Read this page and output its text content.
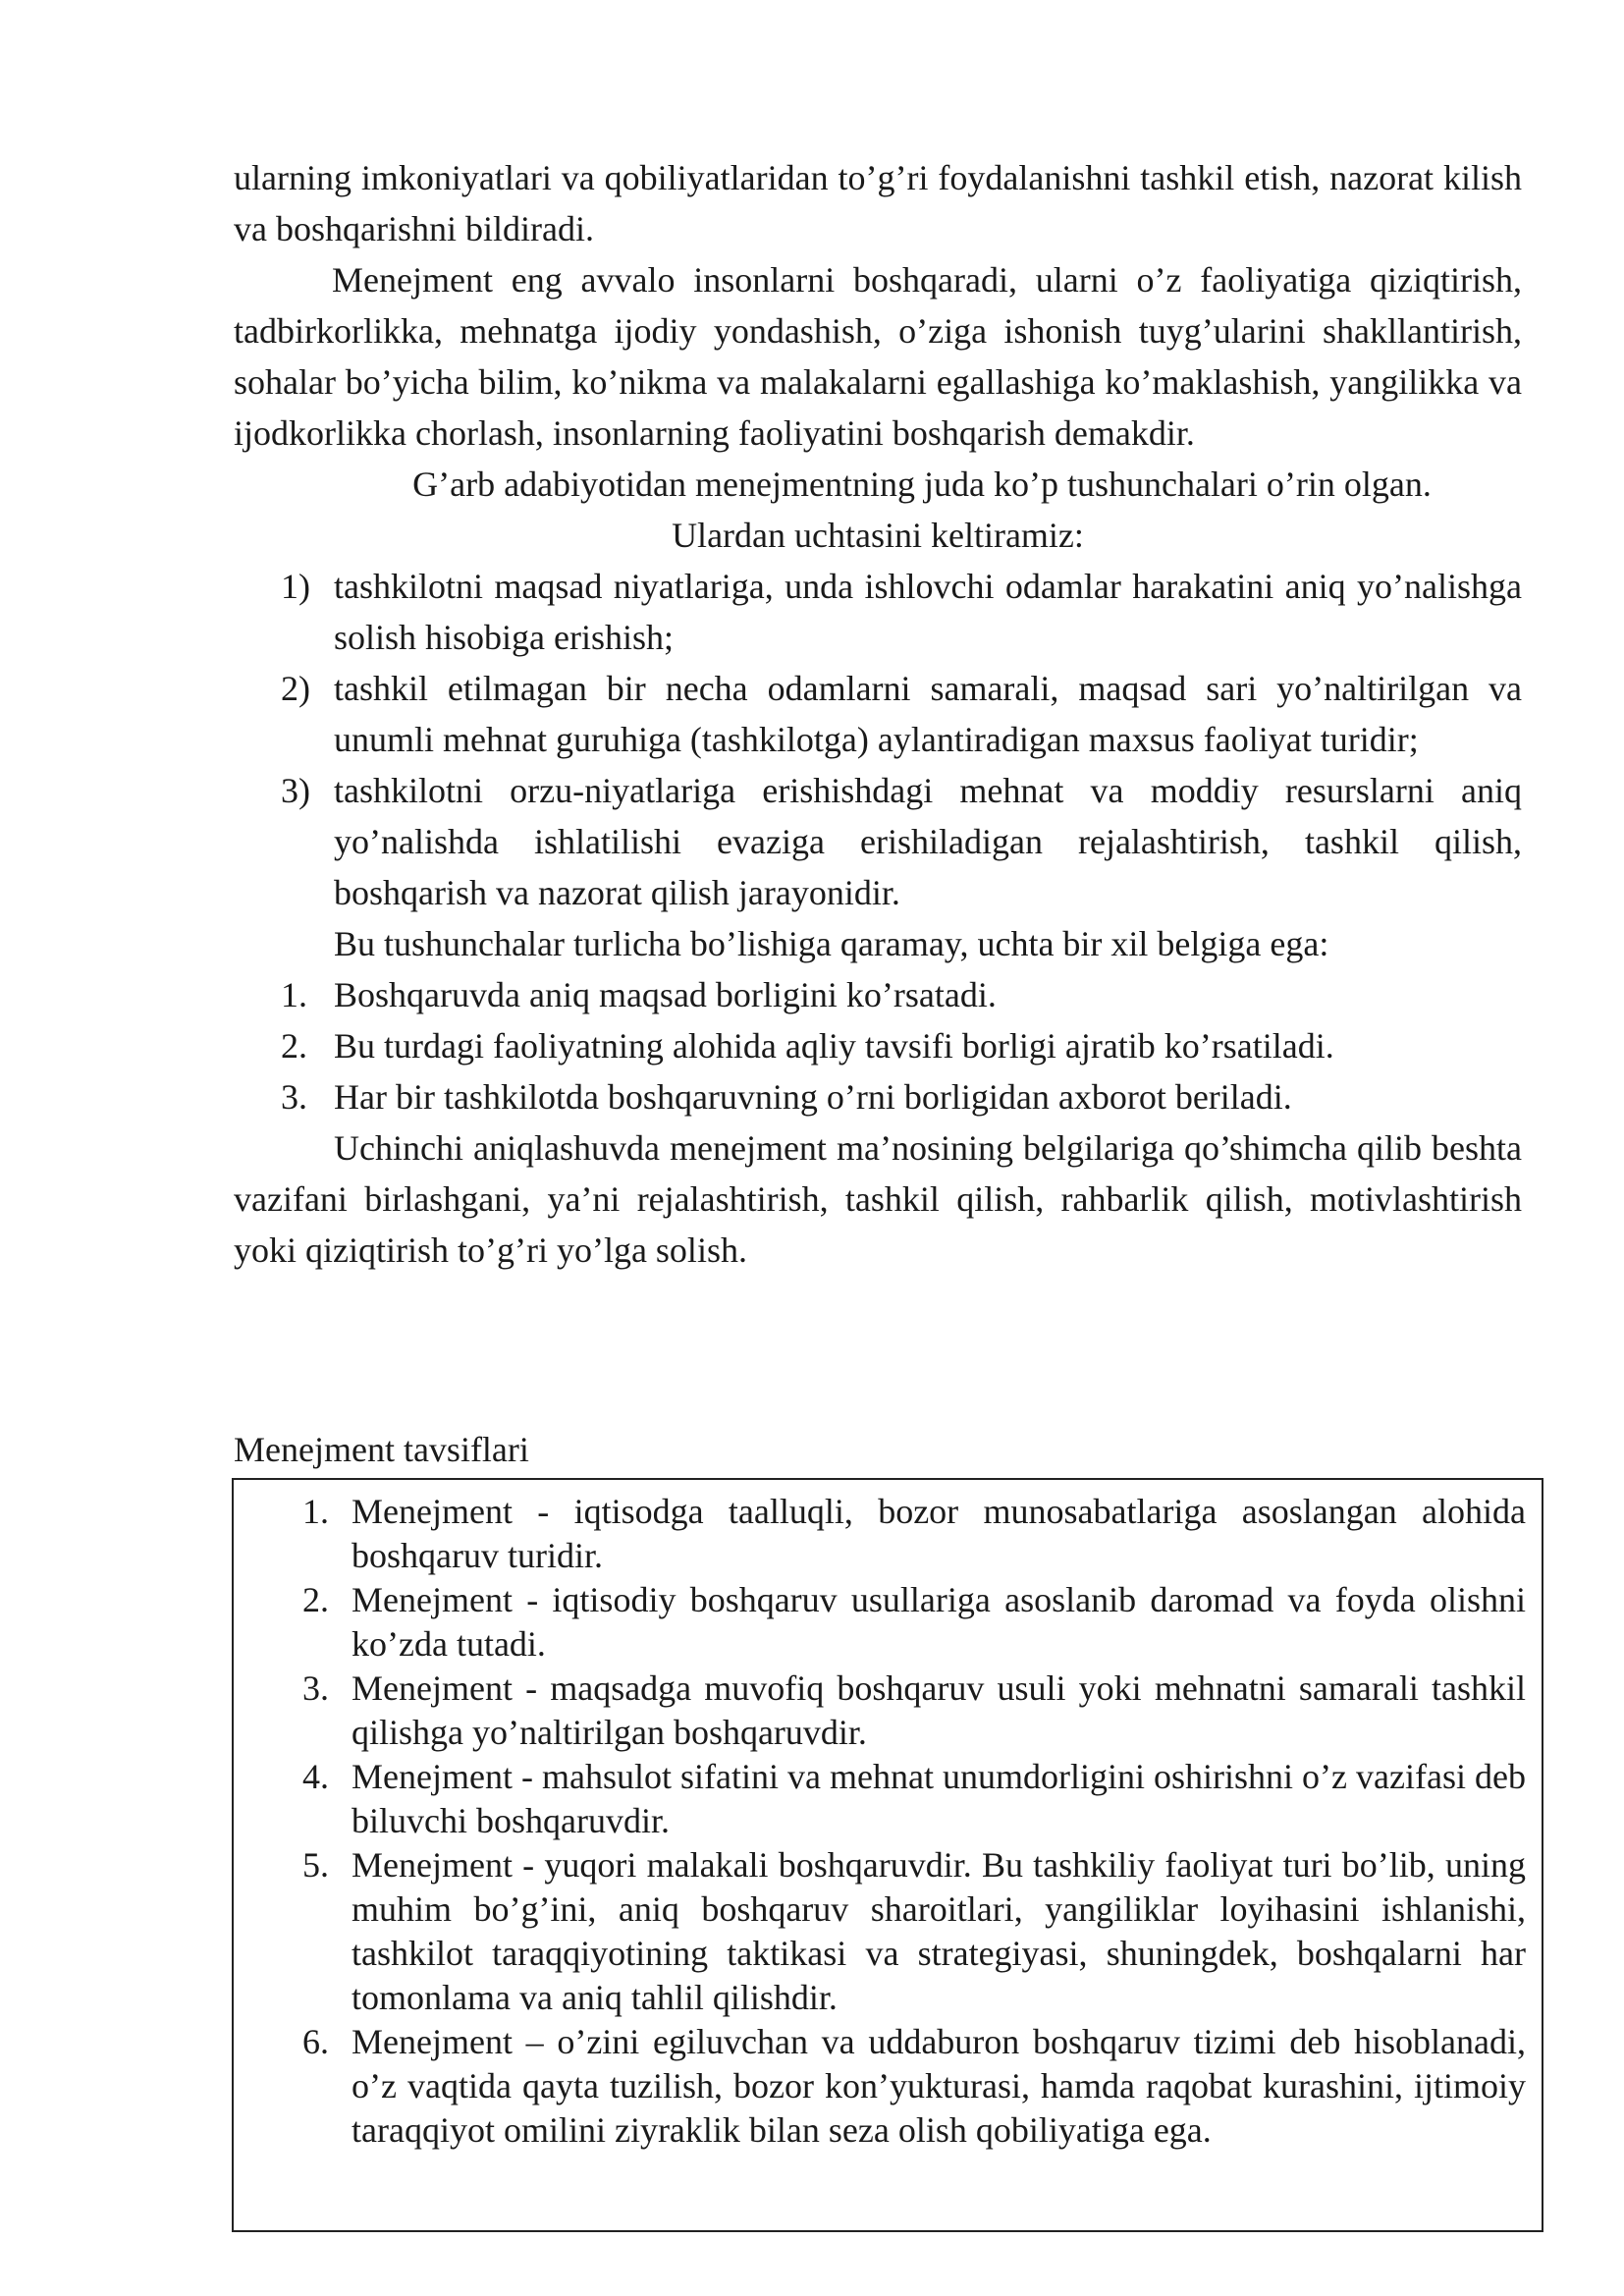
ularning imkoniyatlari va qobiliyatlaridan to’g’ri foydalanishni tashkil etish, nazorat kilish va boshqarishni bildiradi.

Menejment eng avvalo insonlarni boshqaradi, ularni o’z faoliyatiga qiziqtirish, tadbirkorlikka, mehnatga ijodiy yondashish, o’ziga ishonish tuyg’ularini shakllantirish, sohalar bo’yicha bilim, ko’nikma va malakalarni egallashiga ko’maklashish, yangilikka va ijodkorlikka chorlash, insonlarning faoliyatini boshqarish demakdir.

G’arb adabiyotidan menejmentning juda ko’p tushunchalari o’rin olgan.

Ulardan uchtasini keltiramiz:

1) tashkilotni maqsad niyatlariga, unda ishlovchi odamlar harakatini aniq yo’nalishga solish hisobiga erishish;
2) tashkil etilmagan bir necha odamlarni samarali, maqsad sari yo’naltirilgan va unumli mehnat guruhiga (tashkilotga) aylantiradigan maxsus faoliyat turidir;
3) tashkilotni orzu-niyatlariga erishishdagi mehnat va moddiy resurslarni aniq yo’nalishda ishlatilishi evaziga erishiladigan rejalashtirish, tashkil qilish, boshqarish va nazorat qilish jarayonidir.

Bu tushunchalar turlicha bo’lishiga qaramay, uchta bir xil belgiga ega:

1. Boshqaruvda aniq maqsad borligini ko’rsatadi.
2. Bu turdagi faoliyatning alohida aqliy tavsifi borligi ajratib ko’rsatiladi.
3. Har bir tashkilotda boshqaruvning o’rni borligidan axborot beriladi.

Uchinchi aniqlashuvda menejment ma’nosining belgilariga qo’shimcha qilib beshta vazifani birlashgani, ya’ni rejalashtirish, tashkil qilish, rahbarlik qilish, motivlashtirish yoki qiziqtirish to’g’ri yo’lga solish.

Menejment tavsiflari
1. Menejment - iqtisodga taalluqli, bozor munosabatlariga asoslangan alohida boshqaruv turidir.
2. Menejment - iqtisodiy boshqaruv usullariga asoslanib daromad va foyda olishni ko’zda tutadi.
3. Menejment - maqsadga muvofiq boshqaruv usuli yoki mehnatni samarali tashkil qilishga yo’naltirilgan boshqaruvdir.
4. Menejment - mahsulot sifatini va mehnat unumdorligini oshirishni o’z vazifasi deb biluvchi boshqaruvdir.
5. Menejment - yuqori malakali boshqaruvdir. Bu tashkiliy faoliyat turi bo’lib, uning muhim bo’g’ini, aniq boshqaruv sharoitlari, yangiliklar loyihasini ishlanishi, tashkilot taraqqiyotining taktikasi va strategiyasi, shuningdek, boshqalarni har tomonlama va aniq tahlil qilishdir.
6. Menejment – o’zini egiluvchan va uddaburon boshqaruv tizimi deb hisoblanadi, o’z vaqtida qayta tuzilish, bozor kon’yukturasi, hamda raqobat kurashini, ijtimoiy taraqqiyot omilini ziyraklik bilan seza olish qobiliyatiga ega.
